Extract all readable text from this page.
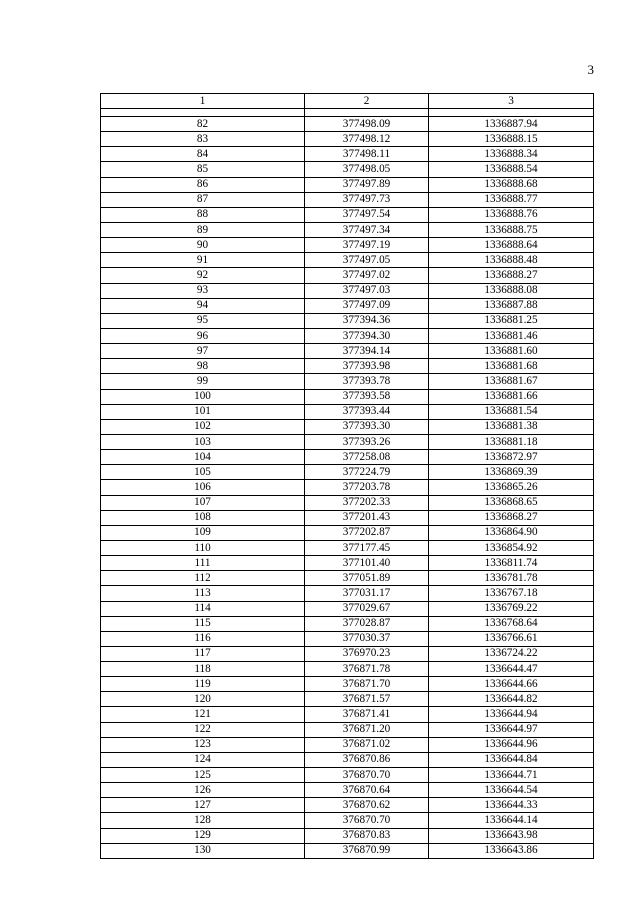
3
1	2	3

82	377498.09	1336887.94
83	377498.12	1336888.15
84	377498.11	1336888.34
85	377498.05	1336888.54
86	377497.89	1336888.68
87	377497.73	1336888.77
88	377497.54	1336888.76
89	377497.34	1336888.75
90	377497.19	1336888.64
91	377497.05	1336888.48
92	377497.02	1336888.27
93	377497.03	1336888.08
94	377497.09	1336887.88
95	377394.36	1336881.25
96	377394.30	1336881.46
97	377394.14	1336881.60
98	377393.98	1336881.68
99	377393.78	1336881.67
100	377393.58	1336881.66
101	377393.44	1336881.54
102	377393.30	1336881.38
103	377393.26	1336881.18
104	377258.08	1336872.97
105	377224.79	1336869.39
106	377203.78	1336865.26
107	377202.33	1336868.65
108	377201.43	1336868.27
109	377202.87	1336864.90
110	377177.45	1336854.92
111	377101.40	1336811.74
112	377051.89	1336781.78
113	377031.17	1336767.18
114	377029.67	1336769.22
115	377028.87	1336768.64
116	377030.37	1336766.61
117	376970.23	1336724.22
118	376871.78	1336644.47
119	376871.70	1336644.66
120	376871.57	1336644.82
121	376871.41	1336644.94
122	376871.20	1336644.97
123	376871.02	1336644.96
124	376870.86	1336644.84
125	376870.70	1336644.71
126	376870.64	1336644.54
127	376870.62	1336644.33
128	376870.70	1336644.14
129	376870.83	1336643.98
130	376870.99	1336643.86
